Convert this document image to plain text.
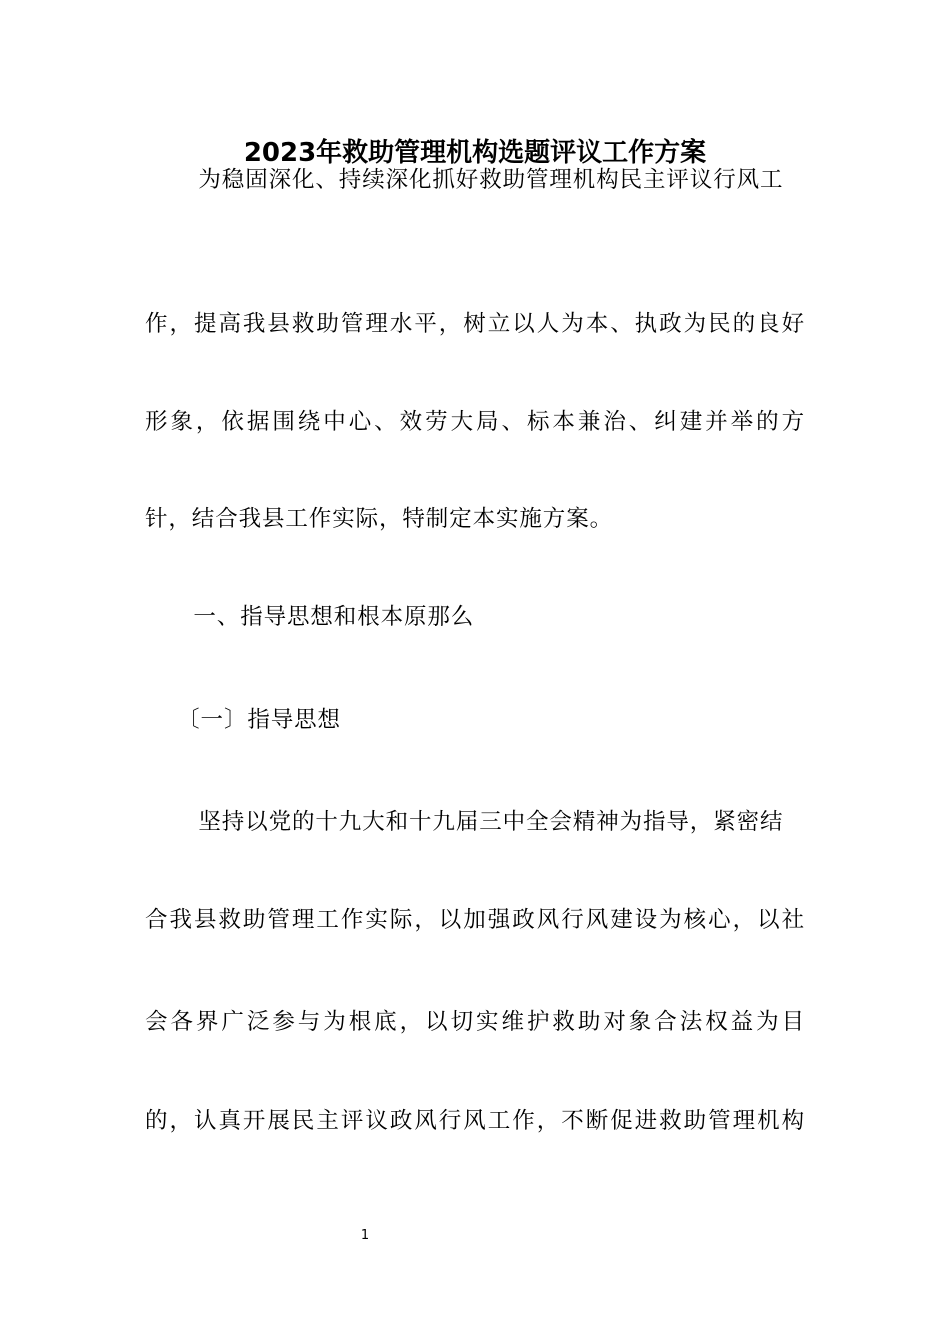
2023年救助管理机构选题评议工作方案

　为稳固深化、持续深化抓好救助管理机构民主评议行风工

作，提高我县救助管理水平，树立以人为本、执政为民的良好

形象，依据围绕中心、效劳大局、标本兼治、纠建并举的方

针，结合我县工作实际，特制定本实施方案。

　一、指导思想和根本原那么

　〔一〕指导思想

　坚持以党的十九大和十九届三中全会精神为指导，紧密结

合我县救助管理工作实际，以加强政风行风建设为核心，以社

会各界广泛参与为根底，以切实维护救助对象合法权益为目

的，认真开展民主评议政风行风工作，不断促进救助管理机构

1
